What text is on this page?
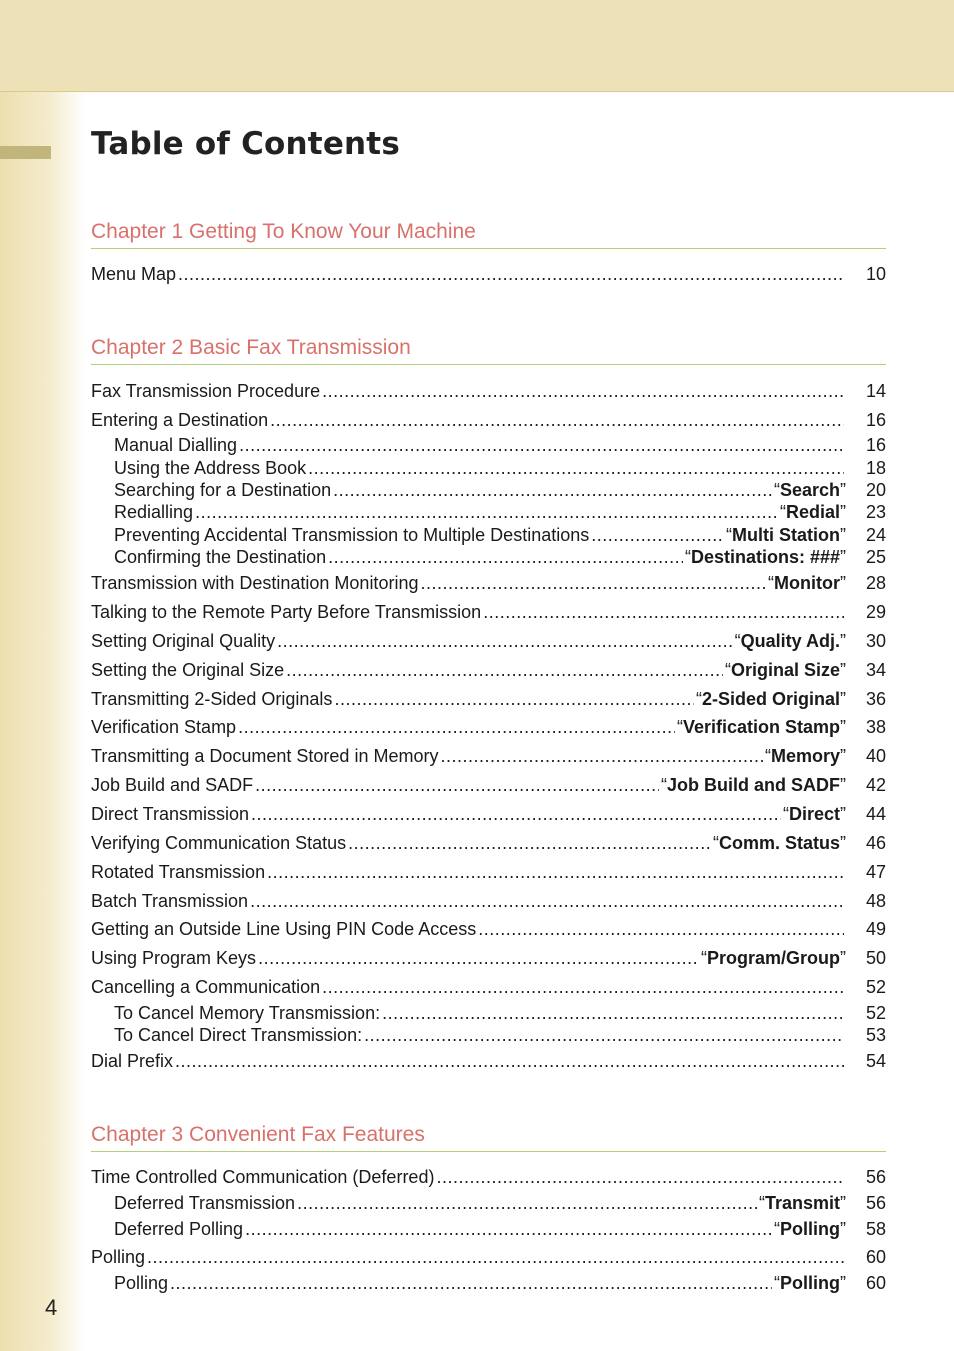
Table of Contents
Chapter 1 Getting To Know Your Machine
Menu Map .....	10
Chapter 2 Basic Fax Transmission
Fax Transmission Procedure .....	14
Entering a Destination .....	16
Manual Dialling .....	16
Using the Address Book .....	18
Searching for a Destination .....	“Search”	20
Redialling .....	“Redial”	23
Preventing Accidental Transmission to Multiple Destinations .....	“Multi Station”	24
Confirming the Destination .....	“Destinations: ###”	25
Transmission with Destination Monitoring .....	“Monitor”	28
Talking to the Remote Party Before Transmission .....	29
Setting Original Quality .....	“Quality Adj.”	30
Setting the Original Size .....	“Original Size”	34
Transmitting 2-Sided Originals .....	“2-Sided Original”	36
Verification Stamp .....	“Verification Stamp”	38
Transmitting a Document Stored in Memory .....	“Memory”	40
Job Build and SADF .....	“Job Build and SADF”	42
Direct Transmission .....	“Direct”	44
Verifying Communication Status .....	“Comm. Status”	46
Rotated Transmission .....	47
Batch Transmission .....	48
Getting an Outside Line Using PIN Code Access .....	49
Using Program Keys .....	“Program/Group”	50
Cancelling a Communication .....	52
To Cancel Memory Transmission: .....	52
To Cancel Direct Transmission: .....	53
Dial Prefix .....	54
Chapter 3 Convenient Fax Features
Time Controlled Communication (Deferred) .....	56
Deferred Transmission .....	“Transmit”	56
Deferred Polling .....	“Polling”	58
Polling .....	60
Polling .....	“Polling”	60
4
